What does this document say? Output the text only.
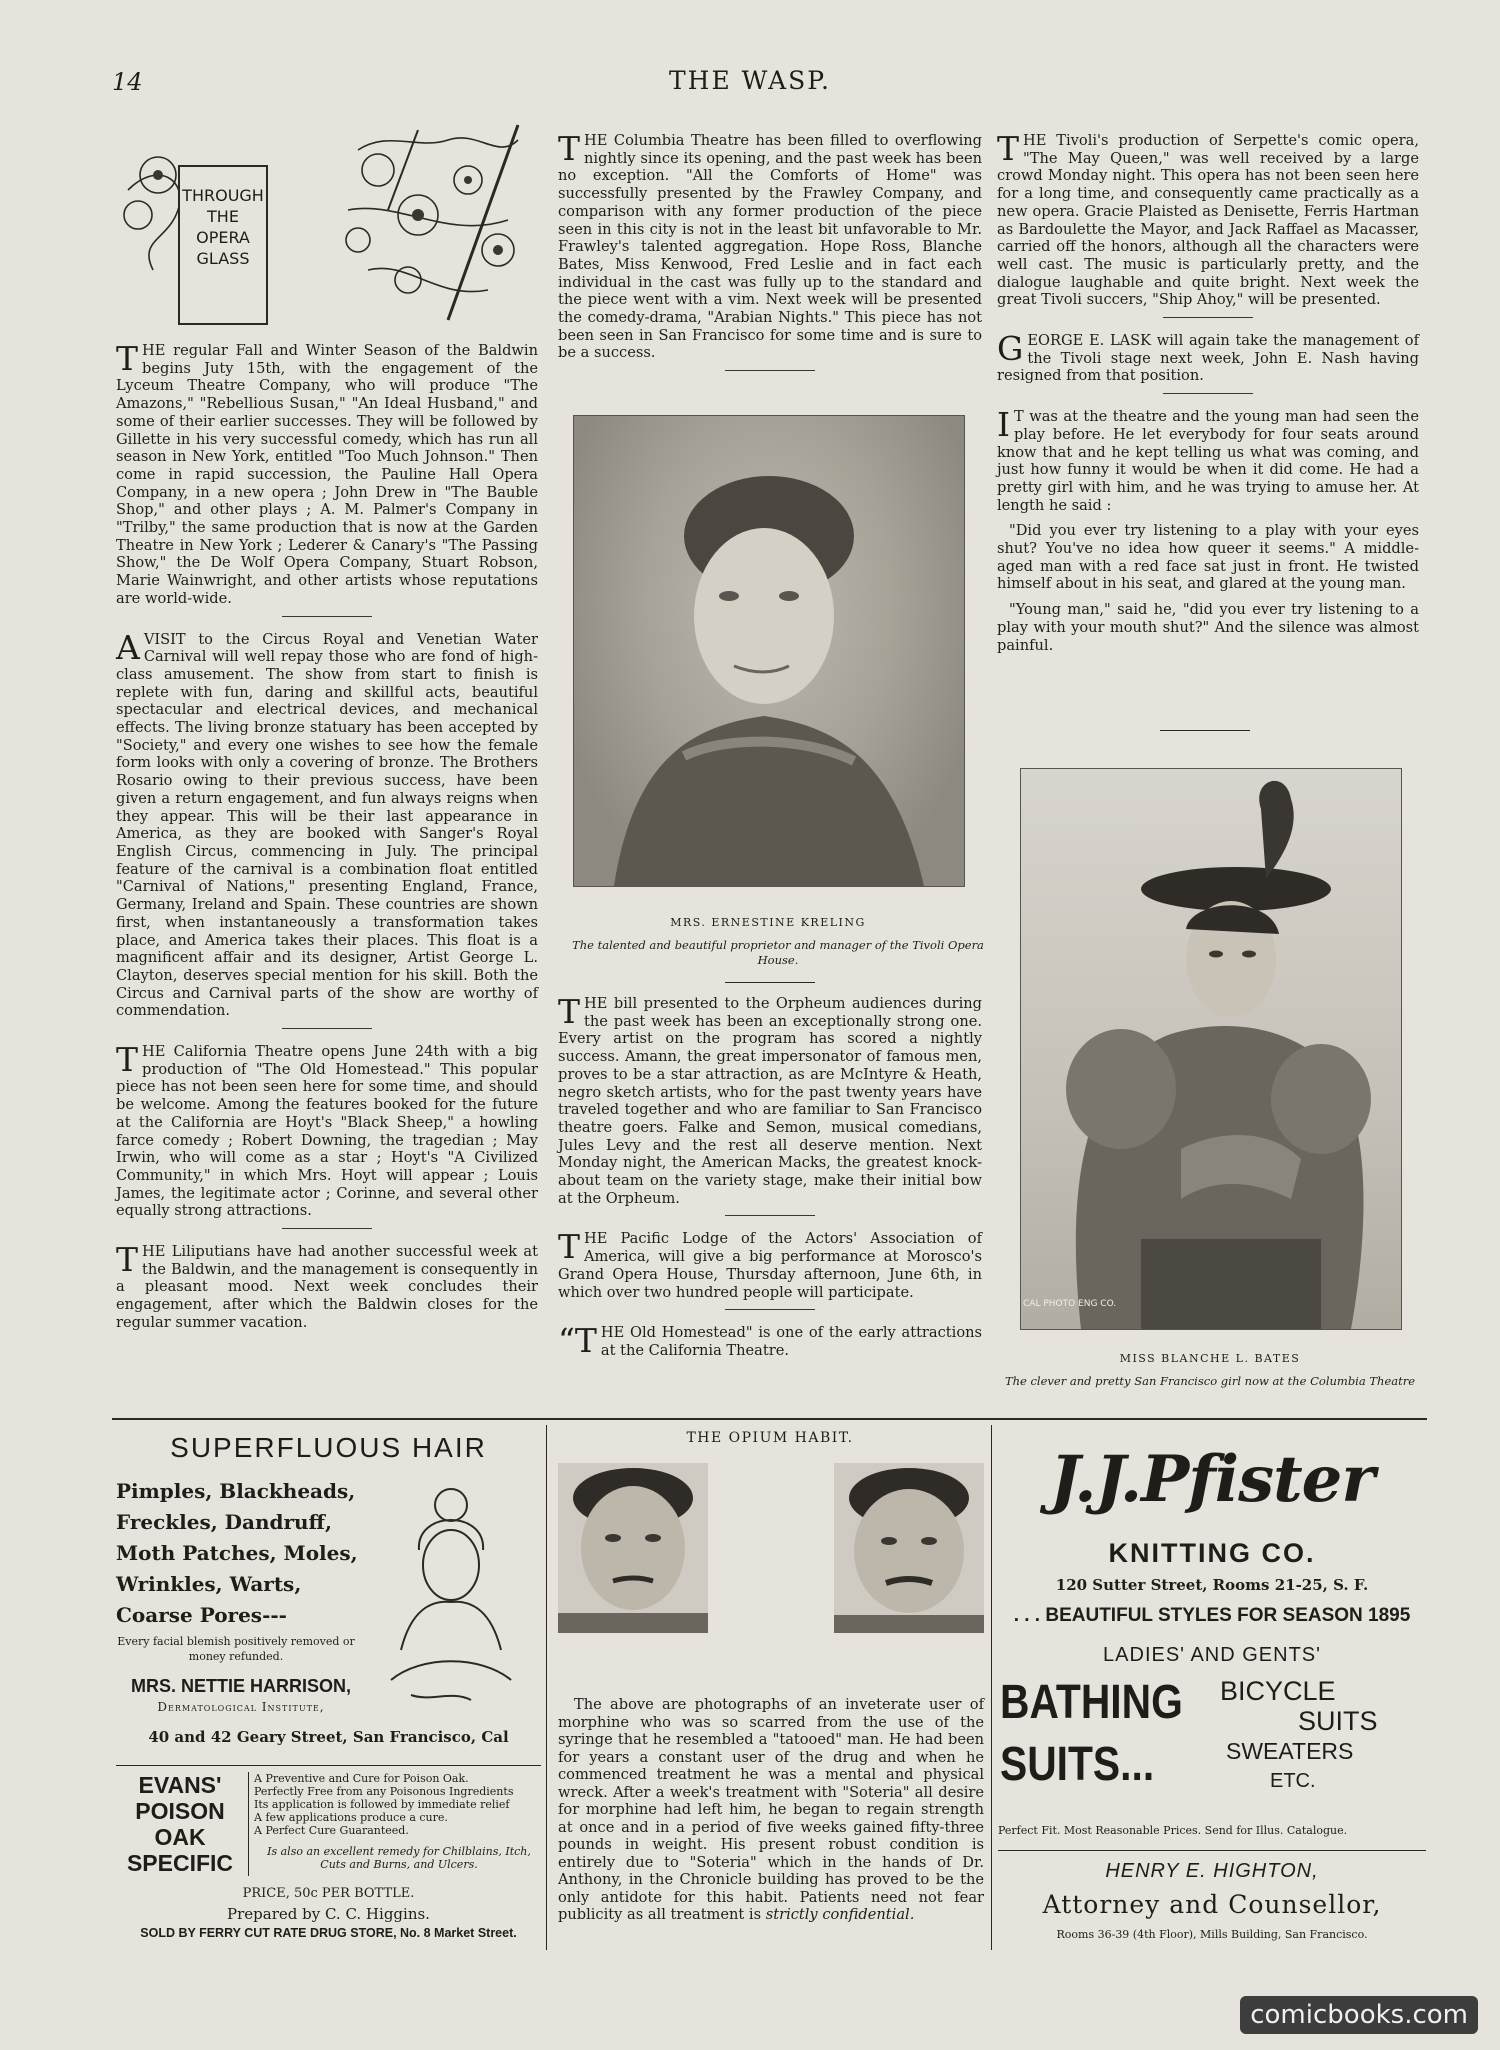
14	THE WASP.
THROUGH
THE
OPERA
GLASS

THE regular Fall and Winter Season of the Baldwin begins Juty 15th, with the engagement of the Lyceum Theatre Company, who will produce "The Amazons," "Rebellious Susan," "An Ideal Husband," and some of their earlier successes. They will be followed by Gillette in his very successful comedy, which has run all season in New York, entitled "Too Much Johnson." Then come in rapid succession, the Pauline Hall Opera Company, in a new opera ; John Drew in "The Bauble Shop," and other plays ; A. M. Palmer's Company in "Trilby," the same production that is now at the Garden Theatre in New York ; Lederer & Canary's "The Passing Show," the De Wolf Opera Company, Stuart Robson, Marie Wainwright, and other artists whose reputations are world-wide.

A VISIT to the Circus Royal and Venetian Water Carnival will well repay those who are fond of high-class amusement. The show from start to finish is replete with fun, daring and skillful acts, beautiful spectacular and electrical devices, and mechanical effects. The living bronze statuary has been accepted by "Society," and every one wishes to see how the female form looks with only a covering of bronze. The Brothers Rosario owing to their previous success, have been given a return engagement, and fun always reigns when they appear. This will be their last appearance in America, as they are booked with Sanger's Royal English Circus, commencing in July. The principal feature of the carnival is a combination float entitled "Carnival of Nations," presenting England, France, Germany, Ireland and Spain. These countries are shown first, when instantaneously a transformation takes place, and America takes their places. This float is a magnificent affair and its designer, Artist George L. Clayton, deserves special mention for his skill. Both the Circus and Carnival parts of the show are worthy of commendation.

THE California Theatre opens June 24th with a big production of "The Old Homestead." This popular piece has not been seen here for some time, and should be welcome. Among the features booked for the future at the California are Hoyt's "Black Sheep," a howling farce comedy ; Robert Downing, the tragedian ; May Irwin, who will come as a star ; Hoyt's "A Civilized Community," in which Mrs. Hoyt will appear ; Louis James, the legitimate actor ; Corinne, and several other equally strong attractions.

THE Liliputians have had another successful week at the Baldwin, and the management is consequently in a pleasant mood. Next week concludes their engagement, after which the Baldwin closes for the regular summer vacation.

THE Columbia Theatre has been filled to overflowing nightly since its opening, and the past week has been no exception. "All the Comforts of Home" was successfully presented by the Frawley Company, and comparison with any former production of the piece seen in this city is not in the least bit unfavorable to Mr. Frawley's talented aggregation. Hope Ross, Blanche Bates, Miss Kenwood, Fred Leslie and in fact each individual in the cast was fully up to the standard and the piece went with a vim. Next week will be presented the comedy-drama, "Arabian Nights." This piece has not been seen in San Francisco for some time and is sure to be a success.

MRS. ERNESTINE KRELING
The talented and beautiful proprietor and manager of the Tivoli Opera House.

THE bill presented to the Orpheum audiences during the past week has been an exceptionally strong one. Every artist on the program has scored a nightly success. Amann, the great impersonator of famous men, proves to be a star attraction, as are McIntyre & Heath, negro sketch artists, who for the past twenty years have traveled together and who are familiar to San Francisco theatre goers. Falke and Semon, musical comedians, Jules Levy and the rest all deserve mention. Next Monday night, the American Macks, the greatest knock-about team on the variety stage, make their initial bow at the Orpheum.

THE Pacific Lodge of the Actors' Association of America, will give a big performance at Morosco's Grand Opera House, Thursday afternoon, June 6th, in which over two hundred people will participate.

“THE Old Homestead" is one of the early attractions at the California Theatre.

THE Tivoli's production of Serpette's comic opera, "The May Queen," was well received by a large crowd Monday night. This opera has not been seen here for a long time, and consequently came practically as a new opera. Gracie Plaisted as Denisette, Ferris Hartman as Bardoulette the Mayor, and Jack Raffael as Macasser, carried off the honors, although all the characters were well cast. The music is particularly pretty, and the dialogue laughable and quite bright. Next week the great Tivoli succers, "Ship Ahoy," will be presented.

GEORGE E. LASK will again take the management of the Tivoli stage next week, John E. Nash having resigned from that position.

I T was at the theatre and the young man had seen the play before. He let everybody for four seats around know that and he kept telling us what was coming, and just how funny it would be when it did come. He had a pretty girl with him, and he was trying to amuse her. At length he said :

"Did you ever try listening to a play with your eyes shut? You've no idea how queer it seems." A middle-aged man with a red face sat just in front. He twisted himself about in his seat, and glared at the young man.

"Young man," said he, "did you ever try listening to a play with your mouth shut?" And the silence was almost painful.

CAL PHOTO ENG CO.
MISS BLANCHE L. BATES
The clever and pretty San Francisco girl now at the Columbia Theatre
SUPERFLUOUS HAIR
Pimples, Blackheads,
Freckles, Dandruff,
Moth Patches, Moles,
Wrinkles, Warts,
Coarse Pores---
Every facial blemish positively removed or money refunded.
MRS. NETTIE HARRISON,
Dermatological Institute,
40 and 42 Geary Street, San Francisco, Cal
EVANS'
POISON
OAK
SPECIFIC
A Preventive and Cure for Poison Oak.
Perfectly Free from any Poisonous Ingredients
Its application is followed by immediate relief
A few applications produce a cure.
A Perfect Cure Guaranteed.
Is also an excellent remedy for Chilblains, Itch, Cuts and Burns, and Ulcers.
PRICE, 50c PER BOTTLE.
Prepared by C. C. Higgins.
SOLD BY FERRY CUT RATE DRUG STORE, No. 8 Market Street.
THE OPIUM HABIT.
The above are photographs of an inveterate user of morphine who was so scarred from the use of the syringe that he resembled a "tatooed" man. He had been for years a constant user of the drug and when he commenced treatment he was a mental and physical wreck. After a week's treatment with "Soteria" all desire for morphine had left him, he began to regain strength at once and in a period of five weeks gained fifty-three pounds in weight. His present robust condition is entirely due to "Soteria" which in the hands of Dr. Anthony, in the Chronicle building has proved to be the only antidote for this habit. Patients need not fear publicity as all treatment is strictly confidential.
J.J.Pfister
KNITTING CO.
120 Sutter Street, Rooms 21-25, S. F.
. . . BEAUTIFUL STYLES FOR SEASON 1895
LADIES' AND GENTS'
BATHING
SUITS...
BICYCLE
SUITS
SWEATERS
ETC.
Perfect Fit. Most Reasonable Prices. Send for Illus. Catalogue.
HENRY E. HIGHTON,
Attorney and Counsellor,
Rooms 36-39 (4th Floor), Mills Building, San Francisco.
comicbooks.com
